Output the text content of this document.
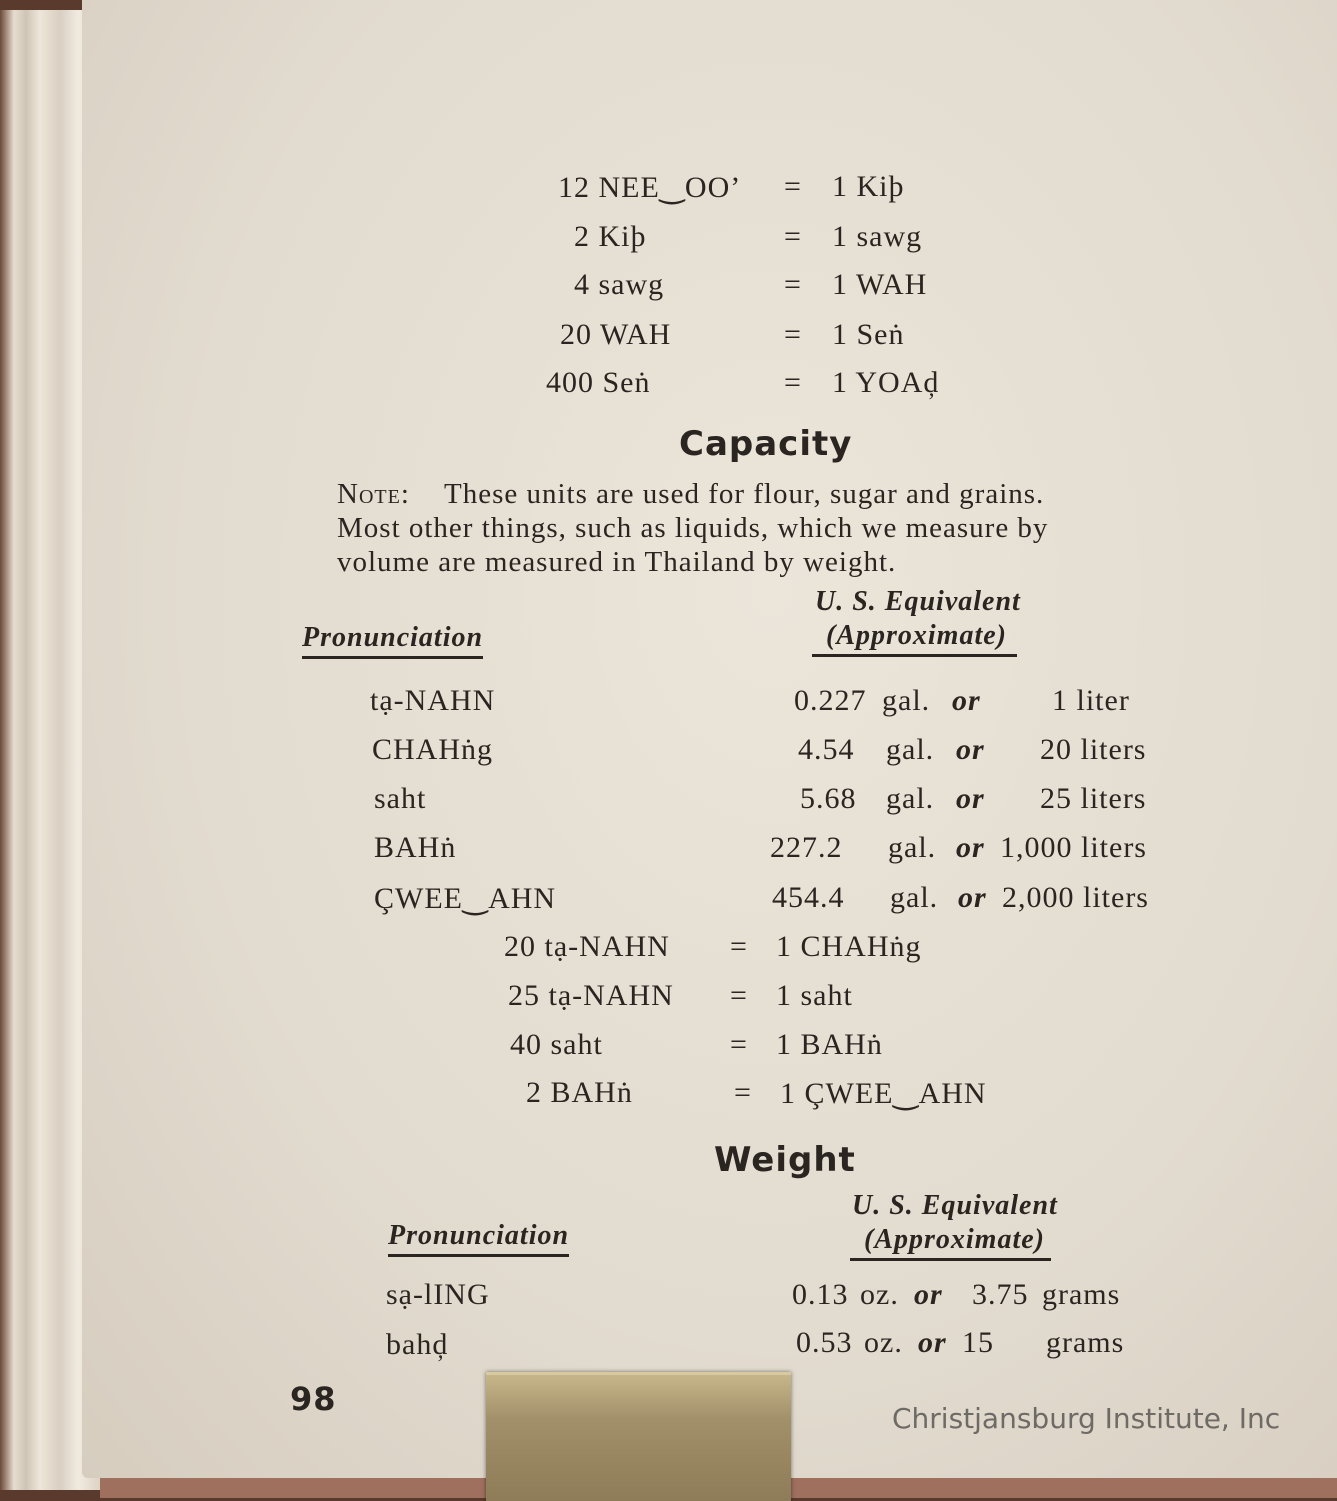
12 NEE‿OO’ = 1 Kiþ
2 Kiþ	= 1 sawg
4 sawg	= 1 WAH
20 WAH	= 1 Seṅ
400 Seṅ	= 1 YOAḑ
Capacity
Note: These units are used for flour, sugar and grains.
Most other things, such as liquids, which we measure by
volume are measured in Thailand by weight.
U. S. Equivalent
(Approximate)
Pronunciation
tạ-NAHN	0.227 gal. or 1 liter
CHAHṅg	4.54 gal. or 20 liters
saht	5.68 gal. or 25 liters
BAHṅ	227.2 gal. or 1,000 liters
ÇWEE‿AHN	454.4 gal. or 2,000 liters
20 tạ-NAHN = 1 CHAHṅg
25 tạ-NAHN = 1 saht
40 saht	= 1 BAHṅ
2 BAHṅ	= 1 ÇWEE‿AHN
Weight
U. S. Equivalent
(Approximate)
Pronunciation
sạ-lING	0.13 oz. or 3.75 grams
bahḑ	0.53 oz. or 15 grams
98
Christjansburg Institute, Inc
